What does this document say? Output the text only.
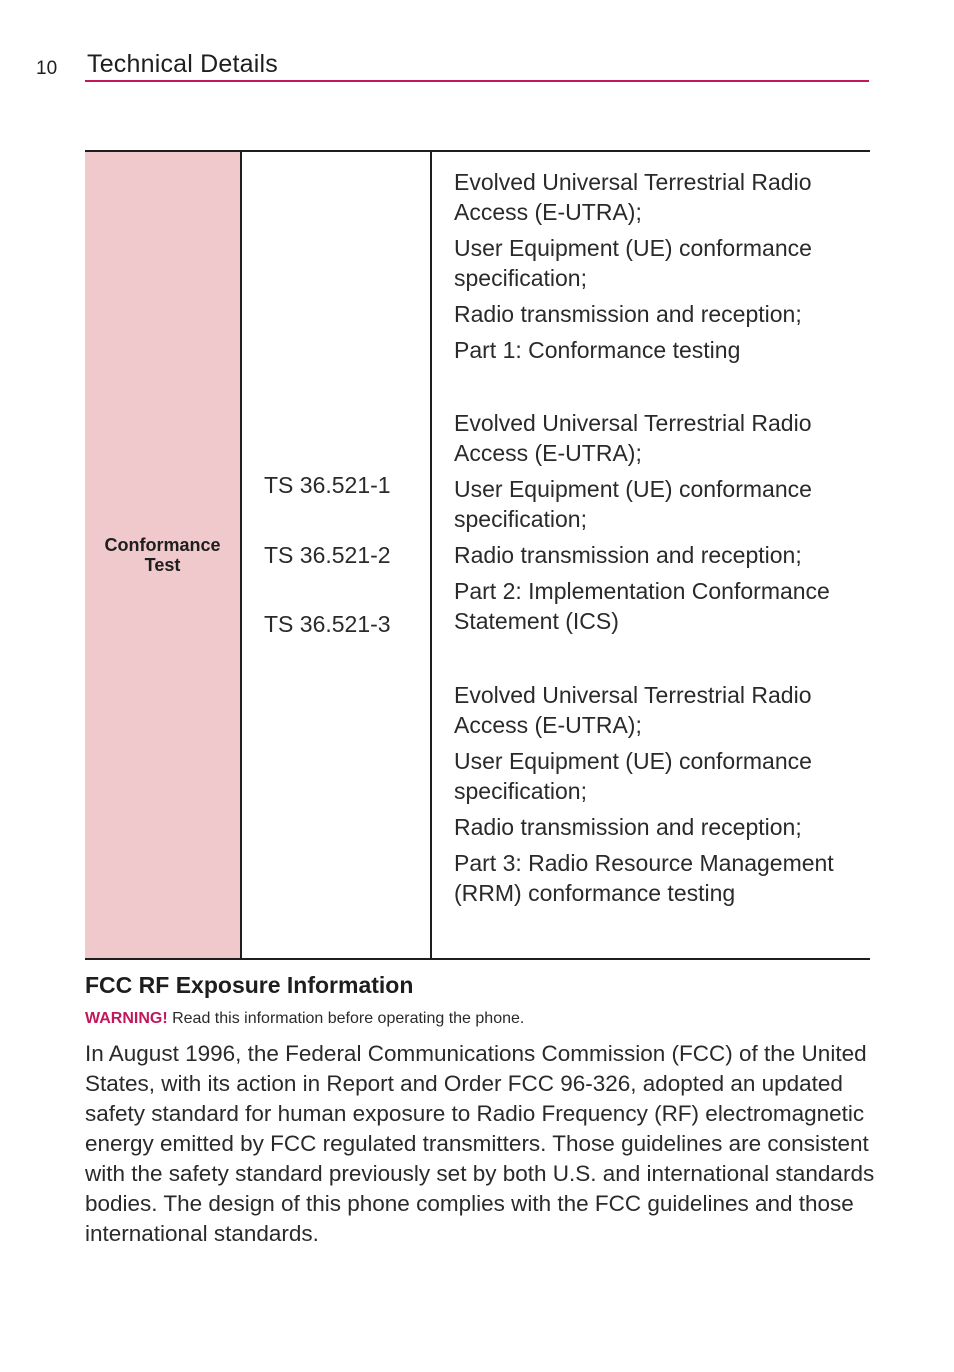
10 Technical Details
Conformance Test
TS 36.521-1
TS 36.521-2
TS 36.521-3
Evolved Universal Terrestrial Radio Access (E-UTRA);
User Equipment (UE) conformance specification;
Radio transmission and reception;
Part 1: Conformance testing
Evolved Universal Terrestrial Radio Access (E-UTRA);
User Equipment (UE) conformance specification;
Radio transmission and reception;
Part 2: Implementation Conformance Statement (ICS)
Evolved Universal Terrestrial Radio Access (E-UTRA);
User Equipment (UE) conformance specification;
Radio transmission and reception;
Part 3: Radio Resource Management (RRM) conformance testing
FCC RF Exposure Information
WARNING! Read this information before operating the phone.
In August 1996, the Federal Communications Commission (FCC) of the United States, with its action in Report and Order FCC 96-326, adopted an updated safety standard for human exposure to Radio Frequency (RF) electromagnetic energy emitted by FCC regulated transmitters. Those guidelines are consistent with the safety standard previously set by both U.S. and international standards bodies. The design of this phone complies with the FCC guidelines and those international standards.
